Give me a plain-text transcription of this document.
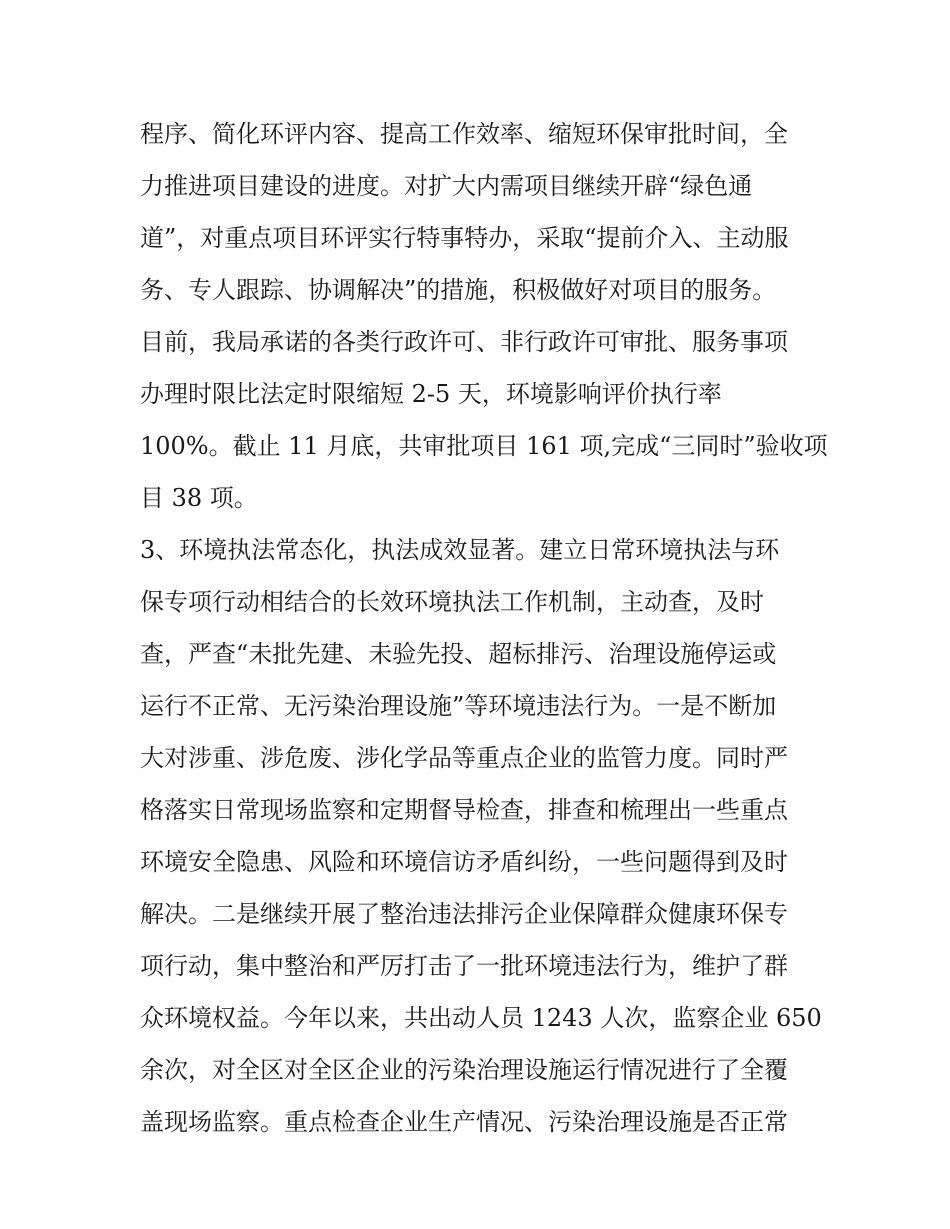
程序、简化环评内容、提高工作效率、缩短环保审批时间，全
力推进项目建设的进度。对扩大内需项目继续开辟“绿色通
道”，对重点项目环评实行特事特办，采取“提前介入、主动服
务、专人跟踪、协调解决”的措施，积极做好对项目的服务。
目前，我局承诺的各类行政许可、非行政许可审批、服务事项
办理时限比法定时限缩短 2-5 天，环境影响评价执行率
100%。截止 11 月底，共审批项目 161 项,完成“三同时”验收项
目 38 项。
3、环境执法常态化，执法成效显著。建立日常环境执法与环
保专项行动相结合的长效环境执法工作机制，主动查，及时
查，严查“未批先建、未验先投、超标排污、治理设施停运或
运行不正常、无污染治理设施”等环境违法行为。一是不断加
大对涉重、涉危废、涉化学品等重点企业的监管力度。同时严
格落实日常现场监察和定期督导检查，排查和梳理出一些重点
环境安全隐患、风险和环境信访矛盾纠纷，一些问题得到及时
解决。二是继续开展了整治违法排污企业保障群众健康环保专
项行动，集中整治和严厉打击了一批环境违法行为，维护了群
众环境权益。今年以来，共出动人员 1243 人次，监察企业 650
余次，对全区对全区企业的污染治理设施运行情况进行了全覆
盖现场监察。重点检查企业生产情况、污染治理设施是否正常
